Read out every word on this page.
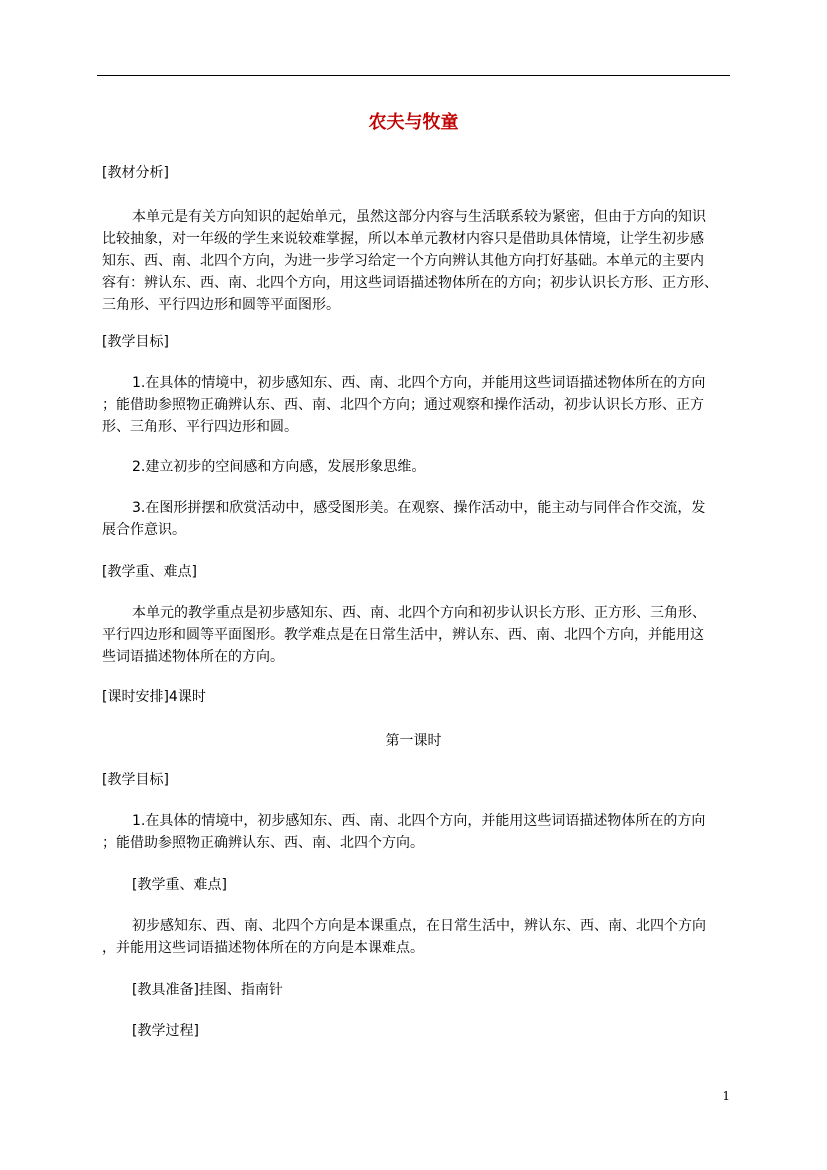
农夫与牧童

[教材分析]

本单元是有关方向知识的起始单元，虽然这部分内容与生活联系较为紧密，但由于方向的知识
比较抽象，对一年级的学生来说较难掌握，所以本单元教材内容只是借助具体情境，让学生初步感
知东、西、南、北四个方向，为进一步学习给定一个方向辨认其他方向打好基础。本单元的主要内
容有：辨认东、西、南、北四个方向，用这些词语描述物体所在的方向；初步认识长方形、正方形、
三角形、平行四边形和圆等平面图形。

[教学目标]

1.在具体的情境中，初步感知东、西、南、北四个方向，并能用这些词语描述物体所在的方向
；能借助参照物正确辨认东、西、南、北四个方向；通过观察和操作活动，初步认识长方形、正方
形、三角形、平行四边形和圆。

2.建立初步的空间感和方向感，发展形象思维。

3.在图形拼摆和欣赏活动中，感受图形美。在观察、操作活动中，能主动与同伴合作交流，发
展合作意识。

[教学重、难点]

本单元的教学重点是初步感知东、西、南、北四个方向和初步认识长方形、正方形、三角形、
平行四边形和圆等平面图形。教学难点是在日常生活中，辨认东、西、南、北四个方向，并能用这
些词语描述物体所在的方向。

[课时安排]4课时

第一课时

[教学目标]

1.在具体的情境中，初步感知东、西、南、北四个方向，并能用这些词语描述物体所在的方向
；能借助参照物正确辨认东、西、南、北四个方向。

[教学重、难点]

初步感知东、西、南、北四个方向是本课重点，在日常生活中，辨认东、西、南、北四个方向
，并能用这些词语描述物体所在的方向是本课难点。

[教具准备]挂图、指南针

[教学过程]

1
